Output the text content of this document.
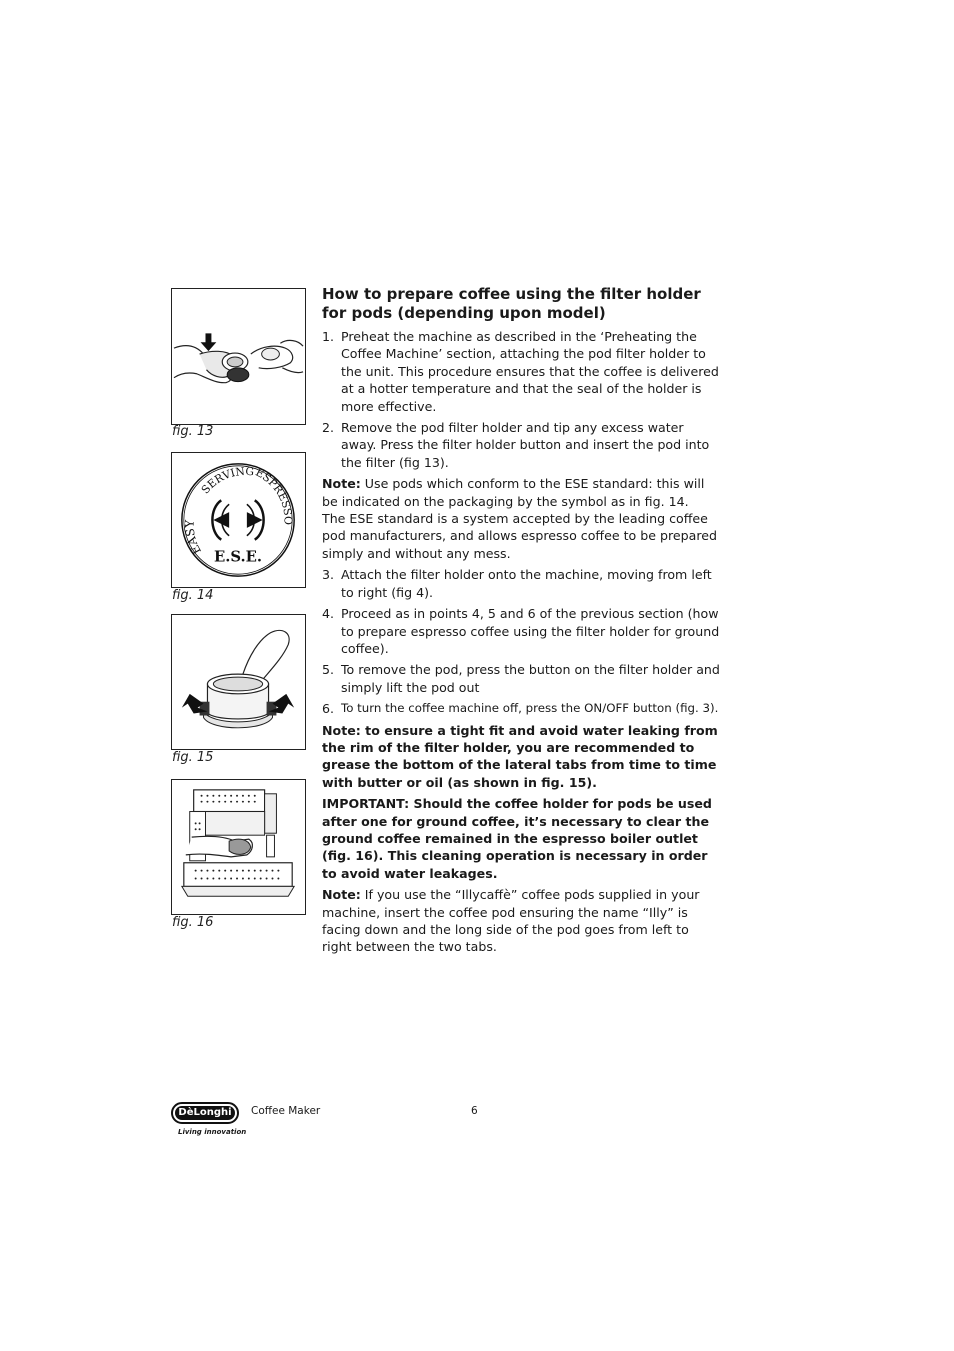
fig. 13
EASY
SERVING
ESPRESSO
E.S.E.
fig. 14
fig. 15
fig. 16
How to prepare coffee using the filter holder for pods (depending upon model)
1. Preheat the machine as described in the ‘Preheating the Coffee Machine’ section, attaching the pod filter holder to the unit. This procedure ensures that the coffee is delivered at a hotter temperature and that the seal of the holder is more effective.
2. Remove the pod filter holder and tip any excess water away. Press the filter holder button and insert the pod into the filter (fig 13).

Note: Use pods which conform to the ESE standard: this will be indicated on the packaging by the symbol as in fig. 14.
The ESE standard is a system accepted by the leading coffee pod manufacturers, and allows espresso coffee to be prepared simply and without any mess.

3. Attach the filter holder onto the machine, moving from left to right (fig 4).
4. Proceed as in points 4, 5 and 6 of the previous section (how to prepare espresso coffee using the filter holder for ground coffee).
5. To remove the pod, press the button on the filter holder and simply lift the pod out
6. To turn the coffee machine off, press the ON/OFF button (fig. 3).

Note: to ensure a tight fit and avoid water leaking from the rim of the filter holder, you are recommended to grease the bottom of the lateral tabs from time to time with butter or oil (as shown in fig. 15).

IMPORTANT: Should the coffee holder for pods be used after one for ground coffee, it’s necessary to clear the ground coffee remained in the espresso boiler outlet (fig. 16). This cleaning operation is necessary in order to avoid water leakages.

Note: If you use the “Illycaffè” coffee pods supplied in your machine, insert the coffee pod ensuring the name “Illy” is facing down and the long side of the pod goes from left to right between the two tabs.

DèLonghi
Living innovation
Coffee Maker	6
